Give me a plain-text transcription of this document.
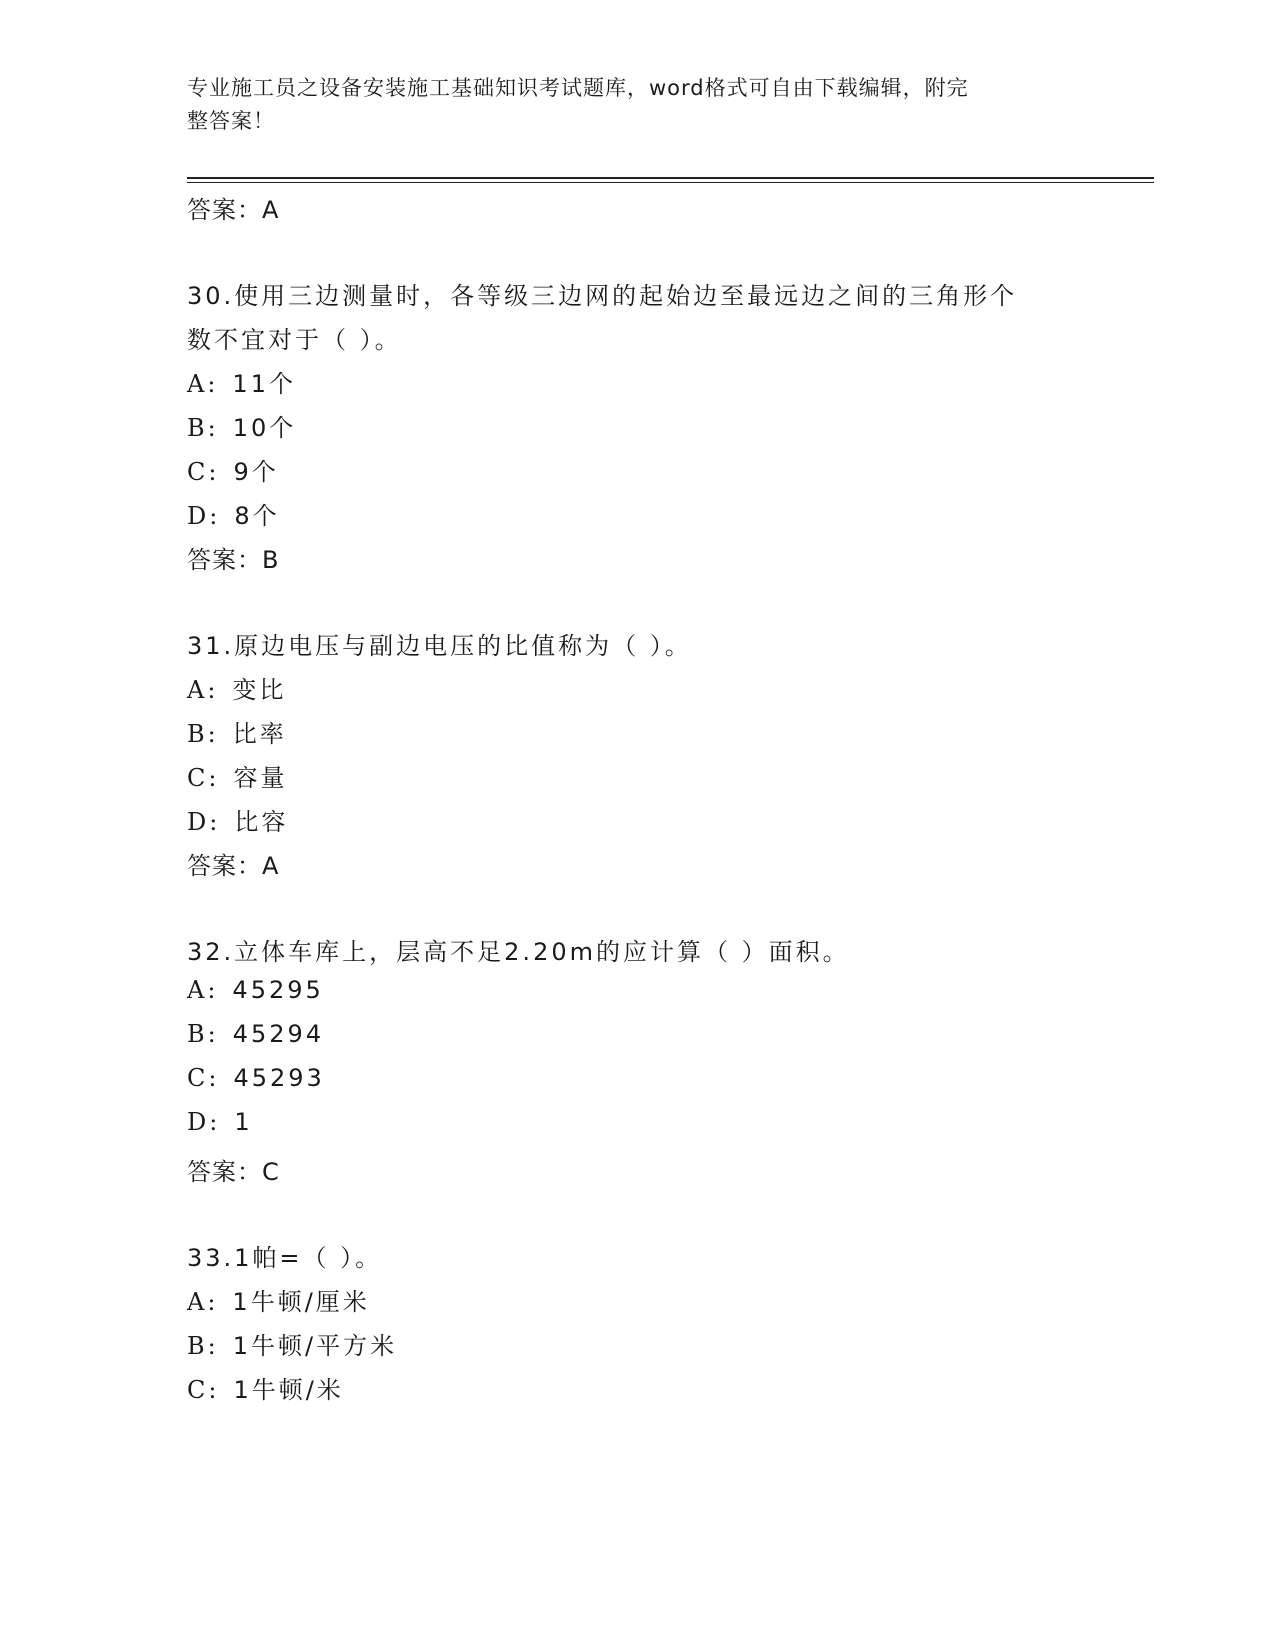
专业施工员之设备安装施工基础知识考试题库，word格式可自由下载编辑，附完
整答案！
答案：A
30.使用三边测量时，各等级三边网的起始边至最远边之间的三角形个
数不宜对于（ ）。
A: 11个
B: 10个
C: 9个
D: 8个
答案：B
31.原边电压与副边电压的比值称为（ ）。
A: 变比
B: 比率
C: 容量
D: 比容
答案：A
32.立体车库上，层高不足2.20m的应计算（ ）面积。
A: 45295
B: 45294
C: 45293
D: 1
答案：C
33.1帕=（ ）。
A: 1牛顿/厘米
B: 1牛顿/平方米
C: 1牛顿/米
